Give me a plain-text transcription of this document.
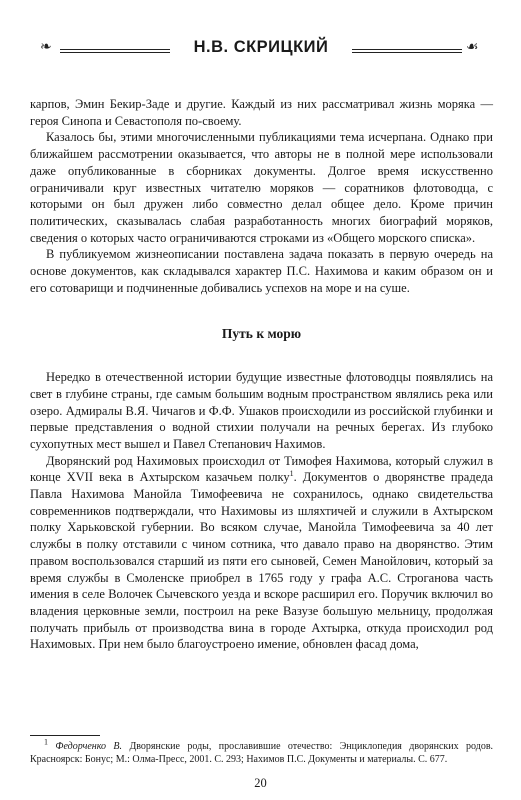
❧	Н.В. СКРИЦКИЙ	☙

карпов, Эмин Бекир-Заде и другие. Каждый из них рассматривал жизнь моряка — героя Синопа и Севастополя по-своему.

Казалось бы, этими многочисленными публикациями тема исчерпана. Однако при ближайшем рассмотрении оказывается, что авторы не в полной мере использовали даже опубликованные в сборниках документы. Долгое время искусственно ограничивали круг известных читателю моряков — соратников флотоводца, с которыми он был дружен либо совместно делал общее дело. Кроме причин политических, сказывалась слабая разработанность многих биографий моряков, сведения о которых часто ограничиваются строками из «Общего морского списка».

В публикуемом жизнеописании поставлена задача показать в первую очередь на основе документов, как складывался характер П.С. Нахимова и каким образом он и его сотоварищи и подчиненные добивались успехов на море и на суше.

Путь к морю

Нередко в отечественной истории будущие известные флотоводцы появлялись на свет в глубине страны, где самым большим водным пространством являлись река или озеро. Адмиралы В.Я. Чичагов и Ф.Ф. Ушаков происходили из российской глубинки и первые представления о водной стихии получали на речных берегах. Из глубоко сухопутных мест вышел и Павел Степанович Нахимов.

Дворянский род Нахимовых происходил от Тимофея Нахимова, который служил в конце XVII века в Ахтырском казачьем полку$^1$. Документов о дворянстве прадеда Павла Нахимова Манойла Тимофеевича не сохранилось, однако свидетельства современников подтверждали, что Нахимовы из шляхтичей и служили в Ахтырском полку Харьковской губернии. Во всяком случае, Манойла Тимофеевича за 40 лет службы в полку отставили с чином сотника, что давало право на дворянство. Этим правом воспользовался старший из пяти его сыновей, Семен Манойлович, который за время службы в Смоленске приобрел в 1765 году у графа А.С. Строганова часть имения в селе Волочек Сычевского уезда и вскоре расширил его. Поручик включил во владения церковные земли, построил на реке Вазузе большую мельницу, продолжая получать прибыль от производства вина в городе Ахтырка, откуда происходил род Нахимовых. При нем было благоустроено имение, обновлен фасад дома,

$^1$ Федорченко В. Дворянские роды, прославившие отечество: Энциклопедия дворянских родов. Красноярск: Бонус; М.: Олма-Пресс, 2001. С. 293; Нахимов П.С. Документы и материалы. С. 677.
20
